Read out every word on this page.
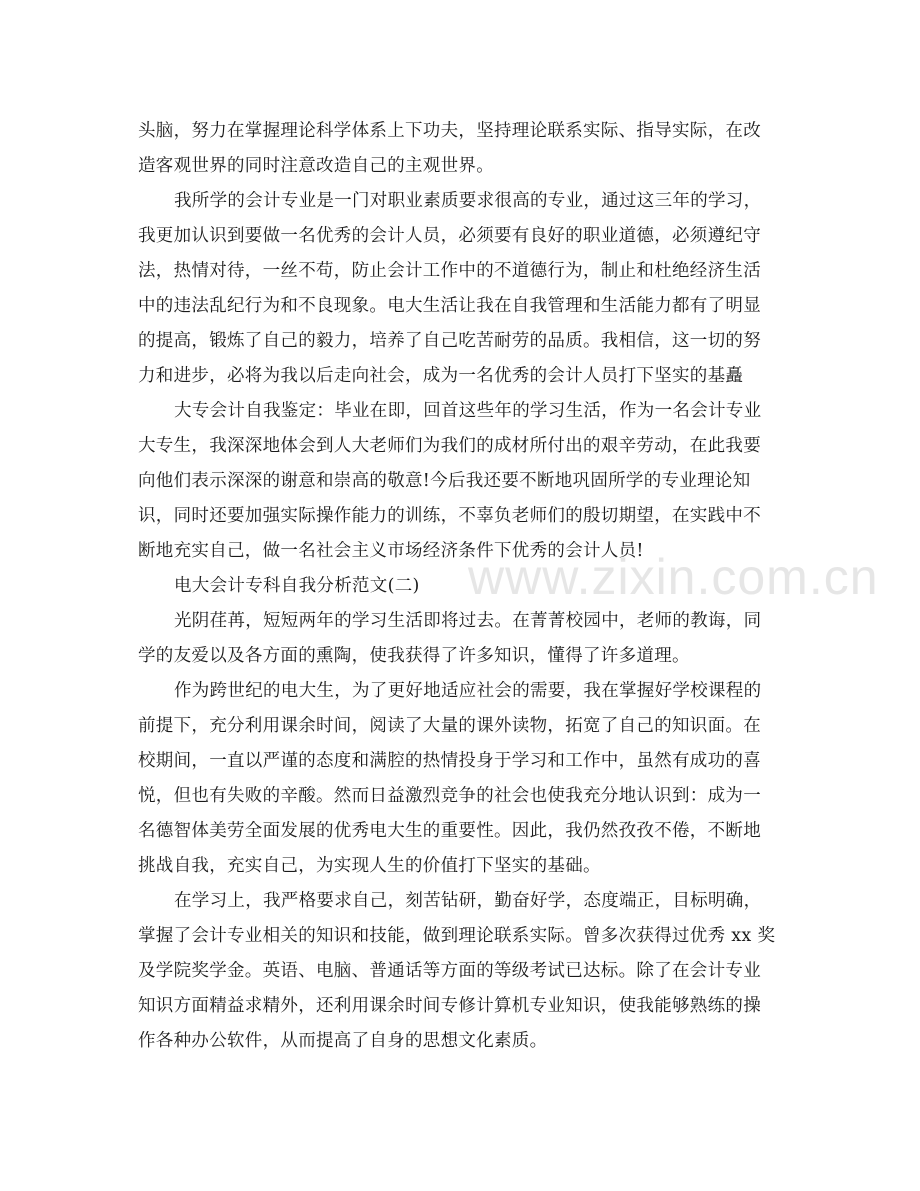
头脑，努力在掌握理论科学体系上下功夫，坚持理论联系实际、指导实际，在改
造客观世界的同时注意改造自己的主观世界。
我所学的会计专业是一门对职业素质要求很高的专业，通过这三年的学习，
我更加认识到要做一名优秀的会计人员，必须要有良好的职业道德，必须遵纪守
法，热情对待，一丝不苟，防止会计工作中的不道德行为，制止和杜绝经济生活
中的违法乱纪行为和不良现象。电大生活让我在自我管理和生活能力都有了明显
的提高，锻炼了自己的毅力，培养了自己吃苦耐劳的品质。我相信，这一切的努
力和进步，必将为我以后走向社会，成为一名优秀的会计人员打下坚实的基矗
大专会计自我鉴定：毕业在即，回首这些年的学习生活，作为一名会计专业
大专生，我深深地体会到人大老师们为我们的成材所付出的艰辛劳动，在此我要
向他们表示深深的谢意和崇高的敬意!今后我还要不断地巩固所学的专业理论知
识，同时还要加强实际操作能力的训练，不辜负老师们的殷切期望，在实践中不
断地充实自己，做一名社会主义市场经济条件下优秀的会计人员!
电大会计专科自我分析范文(二)
光阴荏苒，短短两年的学习生活即将过去。在菁菁校园中，老师的教诲，同
学的友爱以及各方面的熏陶，使我获得了许多知识，懂得了许多道理。
作为跨世纪的电大生，为了更好地适应社会的需要，我在掌握好学校课程的
前提下，充分利用课余时间，阅读了大量的课外读物，拓宽了自己的知识面。在
校期间，一直以严谨的态度和满腔的热情投身于学习和工作中，虽然有成功的喜
悦，但也有失败的辛酸。然而日益激烈竞争的社会也使我充分地认识到：成为一
名德智体美劳全面发展的优秀电大生的重要性。因此，我仍然孜孜不倦，不断地
挑战自我，充实自己，为实现人生的价值打下坚实的基础。
在学习上，我严格要求自己，刻苦钻研，勤奋好学，态度端正，目标明确，
掌握了会计专业相关的知识和技能，做到理论联系实际。曾多次获得过优秀 xx 奖
及学院奖学金。英语、电脑、普通话等方面的等级考试已达标。除了在会计专业
知识方面精益求精外，还利用课余时间专修计算机专业知识，使我能够熟练的操
作各种办公软件，从而提高了自身的思想文化素质。
www.zixin.com.cn
